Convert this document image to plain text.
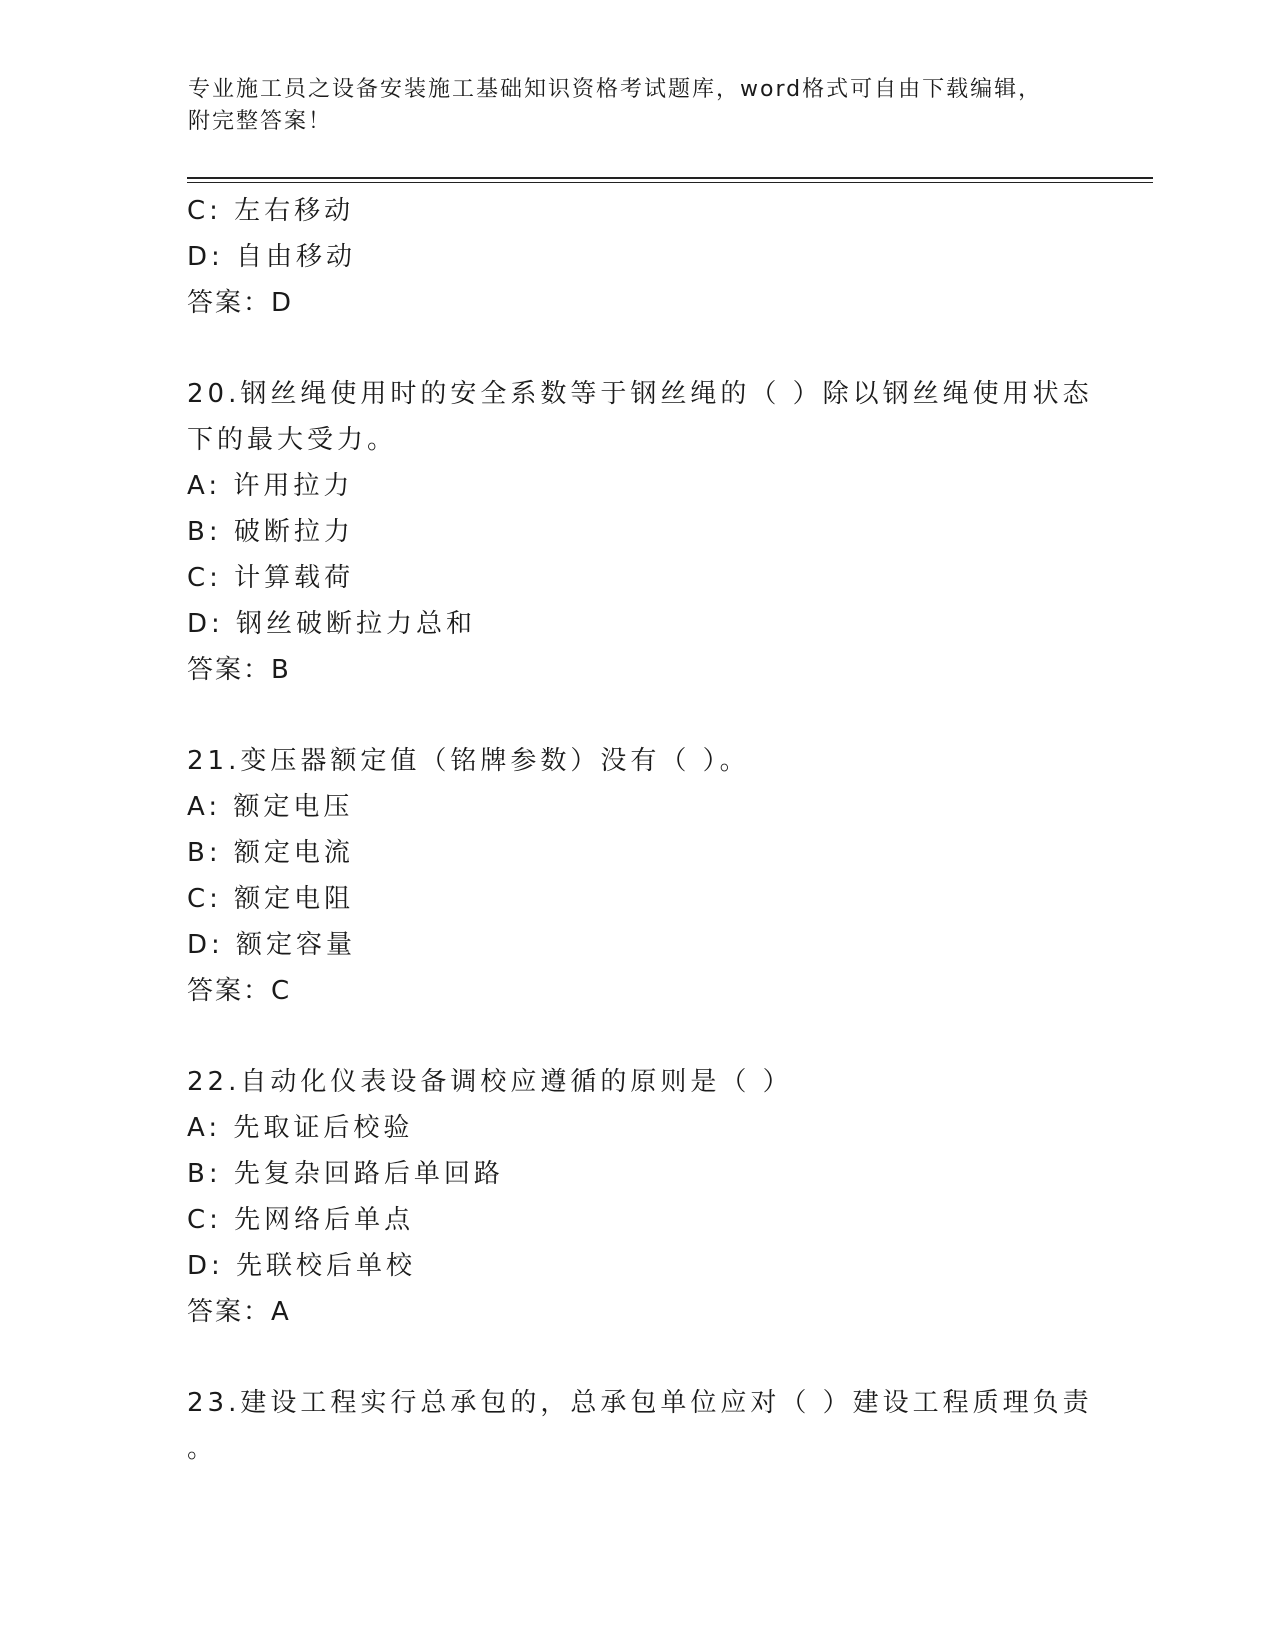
专业施工员之设备安装施工基础知识资格考试题库，word格式可自由下载编辑，
附完整答案！
C: 左右移动
D: 自由移动
答案：D
20.钢丝绳使用时的安全系数等于钢丝绳的（ ）除以钢丝绳使用状态
下的最大受力。
A: 许用拉力
B: 破断拉力
C: 计算载荷
D: 钢丝破断拉力总和
答案：B
21.变压器额定值（铭牌参数）没有（ ）。
A: 额定电压
B: 额定电流
C: 额定电阻
D: 额定容量
答案：C
22.自动化仪表设备调校应遵循的原则是（ ）
A: 先取证后校验
B: 先复杂回路后单回路
C: 先网络后单点
D: 先联校后单校
答案：A
23.建设工程实行总承包的，总承包单位应对（ ）建设工程质理负责
。
